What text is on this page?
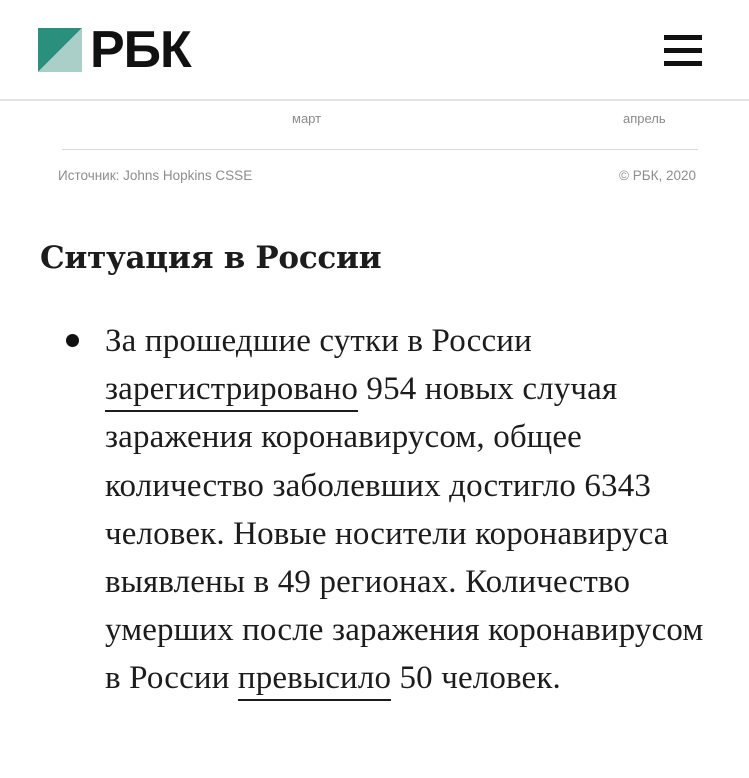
РБК
март	апрель
Источник: Johns Hopkins CSSE	© РБК, 2020
Ситуация в России

За прошедшие сутки в России зарегистрировано 954 новых случая заражения коронавирусом, общее количество заболевших достигло 6343 человек. Новые носители коронавируса выявлены в 49 регионах. Количество умерших после заражения коронавирусом в России превысило 50 человек.
